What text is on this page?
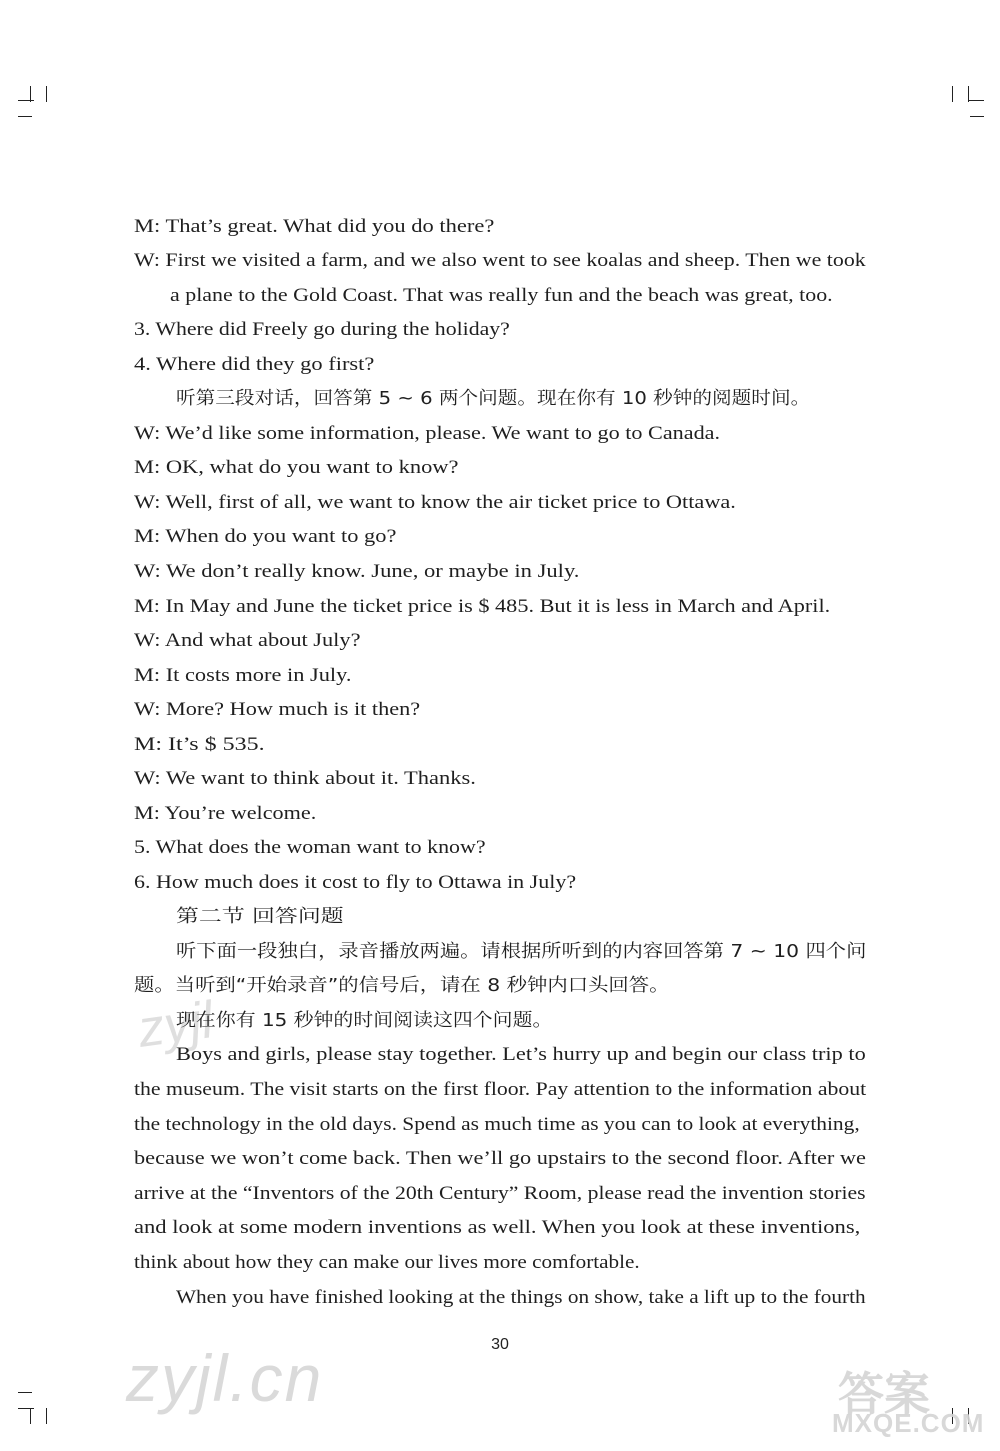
zyjl
zyjl.cn	答案
MXQE.COM
M: That’s great. What did you do there?
W: First we visited a farm, and we also went to see koalas and sheep. Then we took
a plane to the Gold Coast. That was really fun and the beach was great, too.
3. Where did Freely go during the holiday?
4. Where did they go first?
听第三段对话，回答第 5 ~ 6 两个问题。现在你有 10 秒钟的阅题时间。
W: We’d like some information, please. We want to go to Canada.
M: OK, what do you want to know?
W: Well, first of all, we want to know the air ticket price to Ottawa.
M: When do you want to go?
W: We don’t really know. June, or maybe in July.
M: In May and June the ticket price is $ 485. But it is less in March and April.
W: And what about July?
M: It costs more in July.
W: More? How much is it then?
M: It’s $ 535.
W: We want to think about it. Thanks.
M: You’re welcome.
5. What does the woman want to know?
6. How much does it cost to fly to Ottawa in July?
第二节 回答问题
听下面一段独白，录音播放两遍。请根据所听到的内容回答第 7 ~ 10 四个问
题。当听到“开始录音”的信号后，请在 8 秒钟内口头回答。
现在你有 15 秒钟的时间阅读这四个问题。
Boys and girls, please stay together. Let’s hurry up and begin our class trip to
the museum. The visit starts on the first floor. Pay attention to the information about
the technology in the old days. Spend as much time as you can to look at everything,
because we won’t come back. Then we’ll go upstairs to the second floor. After we
arrive at the “Inventors of the 20th Century” Room, please read the invention stories
and look at some modern inventions as well. When you look at these inventions,
think about how they can make our lives more comfortable.
When you have finished looking at the things on show, take a lift up to the fourth
30
